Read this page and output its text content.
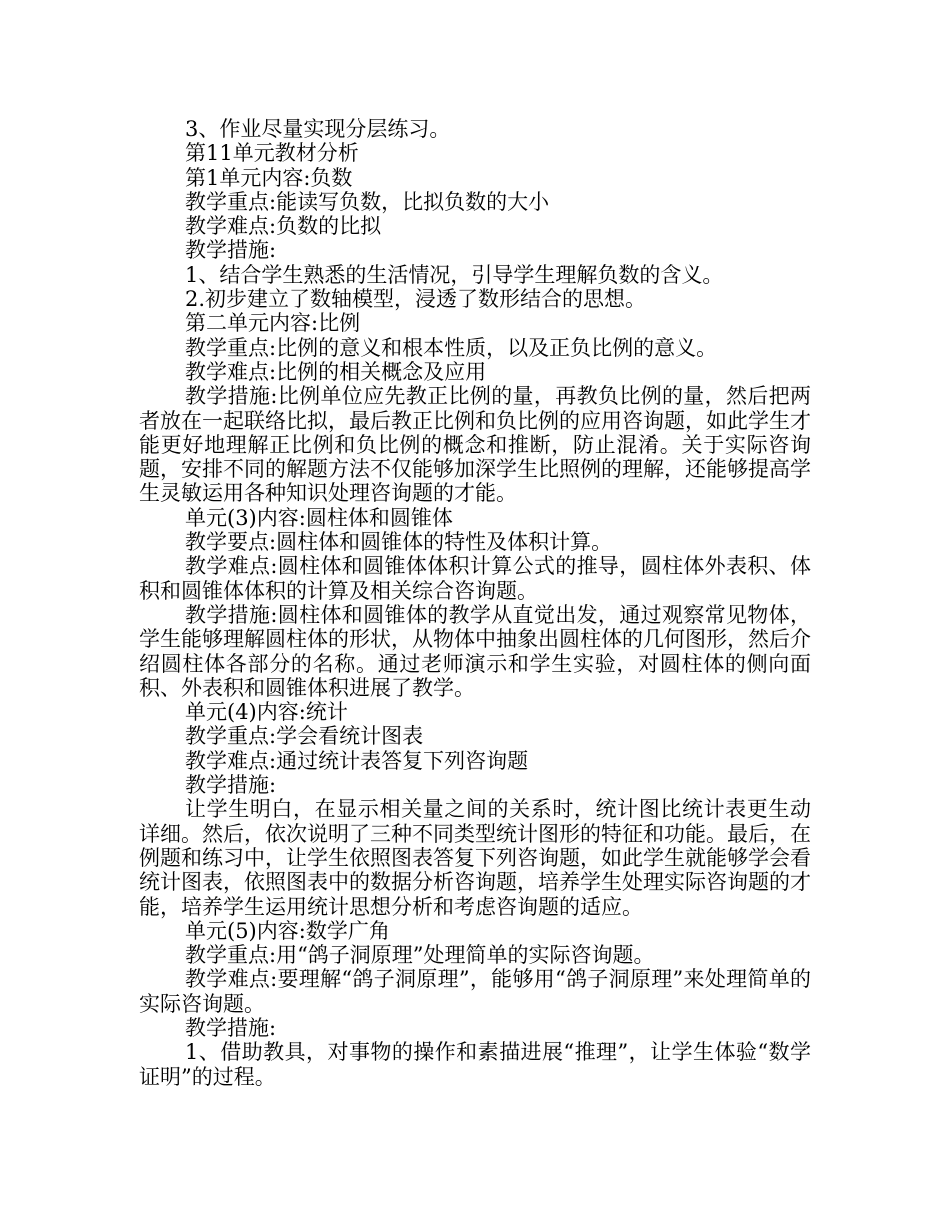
3、作业尽量实现分层练习。

第11单元教材分析

第1单元内容:负数

教学重点:能读写负数，比拟负数的大小

教学难点:负数的比拟

教学措施:

1、结合学生熟悉的生活情况，引导学生理解负数的含义。

2.初步建立了数轴模型，浸透了数形结合的思想。

第二单元内容:比例

教学重点:比例的意义和根本性质，以及正负比例的意义。

教学难点:比例的相关概念及应用

教学措施:比例单位应先教正比例的量，再教负比例的量，然后把两者放在一起联络比拟，最后教正比例和负比例的应用咨询题，如此学生才能更好地理解正比例和负比例的概念和推断，防止混淆。关于实际咨询题，安排不同的解题方法不仅能够加深学生比照例的理解，还能够提高学生灵敏运用各种知识处理咨询题的才能。

单元(3)内容:圆柱体和圆锥体

教学要点:圆柱体和圆锥体的特性及体积计算。

教学难点:圆柱体和圆锥体体积计算公式的推导，圆柱体外表积、体积和圆锥体体积的计算及相关综合咨询题。

教学措施:圆柱体和圆锥体的教学从直觉出发，通过观察常见物体，学生能够理解圆柱体的形状，从物体中抽象出圆柱体的几何图形，然后介绍圆柱体各部分的名称。通过老师演示和学生实验，对圆柱体的侧向面积、外表积和圆锥体积进展了教学。

单元(4)内容:统计

教学重点:学会看统计图表

教学难点:通过统计表答复下列咨询题

教学措施:

让学生明白，在显示相关量之间的关系时，统计图比统计表更生动详细。然后，依次说明了三种不同类型统计图形的特征和功能。最后，在例题和练习中，让学生依照图表答复下列咨询题，如此学生就能够学会看统计图表，依照图表中的数据分析咨询题，培养学生处理实际咨询题的才能，培养学生运用统计思想分析和考虑咨询题的适应。

单元(5)内容:数学广角

教学重点:用“鸽子洞原理”处理简单的实际咨询题。

教学难点:要理解“鸽子洞原理”，能够用“鸽子洞原理”来处理简单的实际咨询题。

教学措施:

1、借助教具，对事物的操作和素描进展“推理”，让学生体验“数学证明”的过程。
